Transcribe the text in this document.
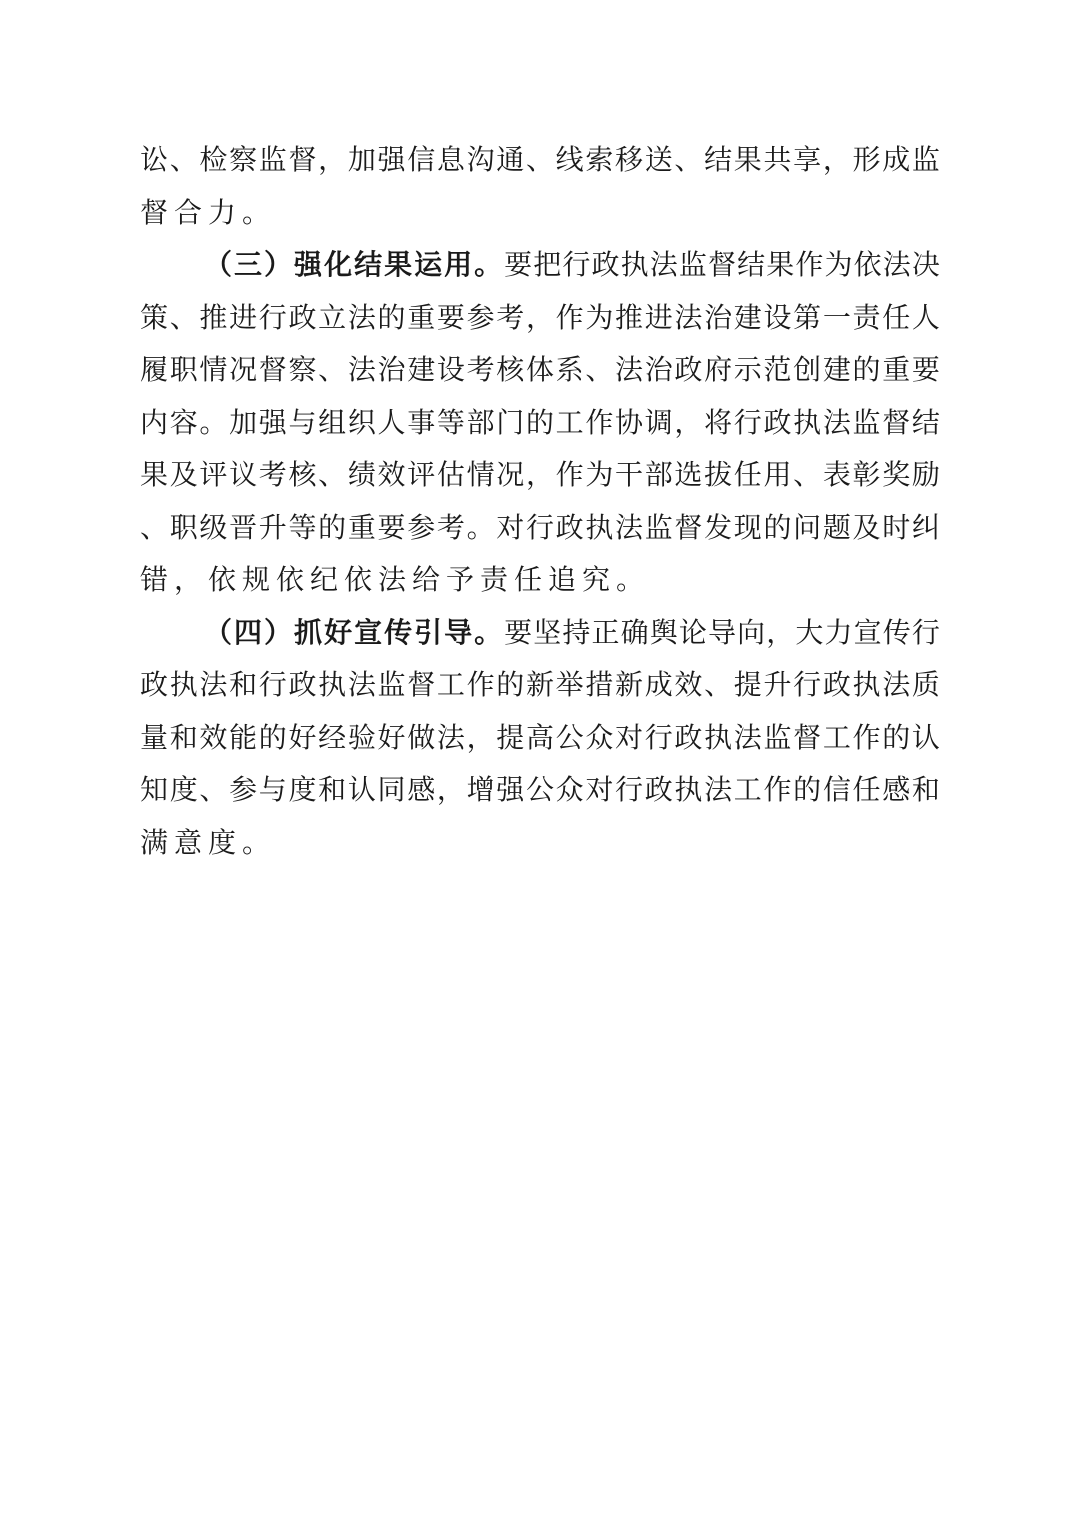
讼 、 检 察 监 督 ， 加 强 信 息 沟 通 、 线 索 移 送 、 结 果 共 享 ， 形 成 监
督合力。
（ 三 ） 强 化 结 果 运 用 。 要 把 行 政 执 法 监 督 结 果 作 为 依 法 决
策 、 推 进 行 政 立 法 的 重 要 参 考 ， 作 为 推 进 法 治 建 设 第 一 责 任 人
履 职 情 况 督 察 、 法 治 建 设 考 核 体 系 、 法 治 政 府 示 范 创 建 的 重 要
内 容 。 加 强 与 组 织 人 事 等 部 门 的 工 作 协 调 ， 将 行 政 执 法 监 督 结
果 及 评 议 考 核 、 绩 效 评 估 情 况 ， 作 为 干 部 选 拔 任 用 、 表 彰 奖 励
、 职 级 晋 升 等 的 重 要 参 考 。 对 行 政 执 法 监 督 发 现 的 问 题 及 时 纠
错，依规依纪依法给予责任追究。
（ 四 ） 抓 好 宣 传 引 导 。 要 坚 持 正 确 舆 论 导 向 ， 大 力 宣 传 行
政 执 法 和 行 政 执 法 监 督 工 作 的 新 举 措 新 成 效 、 提 升 行 政 执 法 质
量 和 效 能 的 好 经 验 好 做 法 ， 提 高 公 众 对 行 政 执 法 监 督 工 作 的 认
知 度 、 参 与 度 和 认 同 感 ， 增 强 公 众 对 行 政 执 法 工 作 的 信 任 感 和
满意度。
